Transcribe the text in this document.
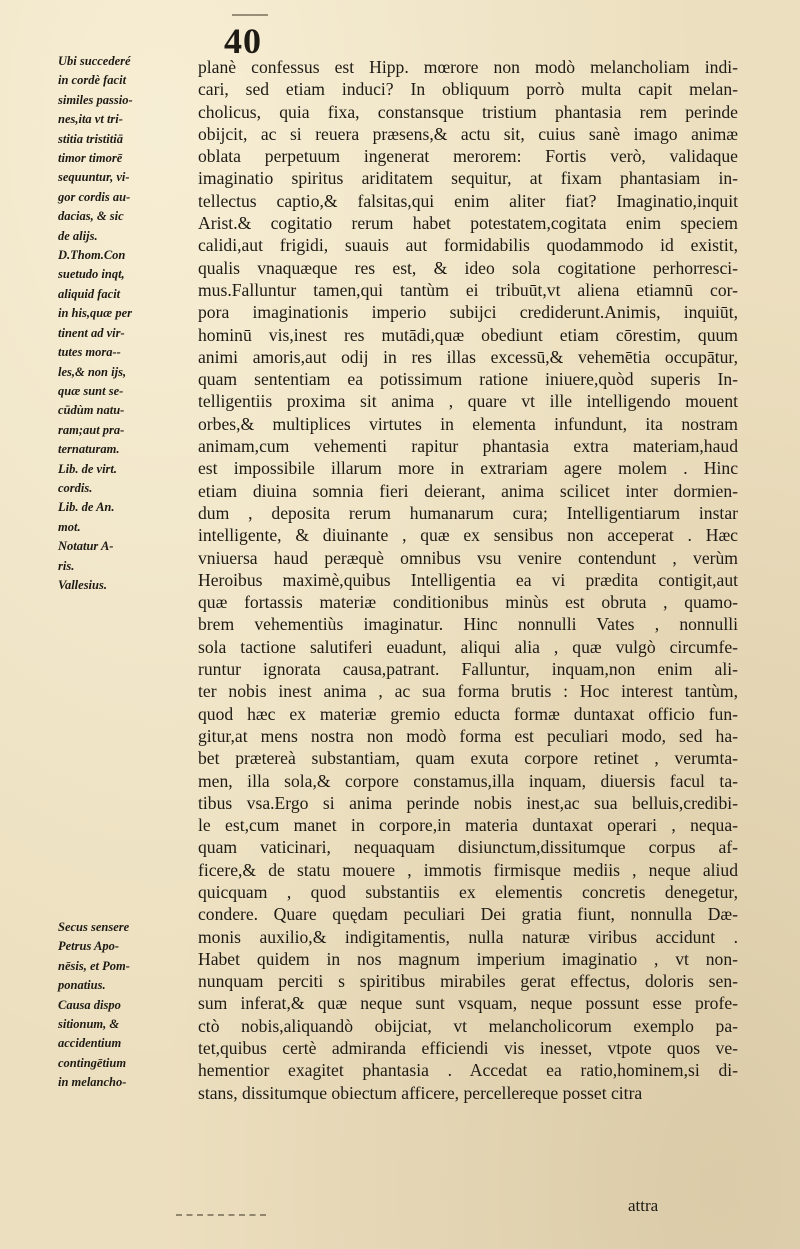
40
Ubi succederé
in cordè facit
similes passio-
nes,ita vt tri-
stitia tristitiā
timor timorē
sequuntur, vi-
gor cordis au-
dacias, & sic
de alijs.
D.Thom.Con
suetudo inqt,
aliquid facit
in his,quæ per
tinent ad vir-
tutes mora--
les,& non ijs,
quæ sunt se-
cūdùm natu-
ram;aut pra-
ternaturam.
Lib. de virt.
cordis.
Lib. de An.
mot.
Notatur A-
ris.
Vallesius.
Secus sensere
Petrus Apo-
nēsis, et Pom-
ponatius.
Causa dispo
sitionum, &
accidentium
contingētium
in melancho-
planè confessus est Hipp. mœrore non modò melancholiam indi-
cari, sed etiam induci? In obliquum porrò multa capit melan-
cholicus, quia fixa, constansque tristium phantasia rem perinde
obijcit, ac si reuera præsens,& actu sit, cuius sanè imago animæ
oblata perpetuum ingenerat merorem: Fortis verò, validaque
imaginatio spiritus ariditatem sequitur, at fixam phantasiam in-
tellectus captio,& falsitas,qui enim aliter fiat? Imaginatio,inquit
Arist.& cogitatio rerum habet potestatem,cogitata enim speciem
calidi,aut frigidi, suauis aut formidabilis quodammodo id existit,
qualis vnaquæque res est, & ideo sola cogitatione perhorresci-
mus.Falluntur tamen,qui tantùm ei tribuūt,vt aliena etiamnū cor-
pora imaginationis imperio subijci crediderunt.Animis, inquiūt,
hominū vis,inest res mutādi,quæ obediunt etiam cōrestim, quum
animi amoris,aut odij in res illas excessū,& vehemētia occupātur,
quam sententiam ea potissimum ratione iniuere,quòd superis In-
telligentiis proxima sit anima , quare vt ille intelligendo mouent
orbes,& multiplices virtutes in elementa infundunt, ita nostram
animam,cum vehementi rapitur phantasia extra materiam,haud
est impossibile illarum more in extrariam agere molem . Hinc
etiam diuina somnia fieri deierant, anima scilicet inter dormien-
dum , deposita rerum humanarum cura; Intelligentiarum instar
intelligente, & diuinante , quæ ex sensibus non acceperat . Hæc
vniuersa haud peræquè omnibus vsu venire contendunt , verùm
Heroibus maximè,quibus Intelligentia ea vi prædita contigit,aut
quæ fortassis materiæ conditionibus minùs est obruta , quamo-
brem vehementiùs imaginatur. Hinc nonnulli Vates , nonnulli
sola tactione salutiferi euadunt, aliqui alia , quæ vulgò circumfe-
runtur ignorata causa,patrant. Falluntur, inquam,non enim ali-
ter nobis inest anima , ac sua forma brutis : Hoc interest tantùm,
quod hæc ex materiæ gremio educta formæ duntaxat officio fun-
gitur,at mens nostra non modò forma est peculiari modo, sed ha-
bet prætereà substantiam, quam exuta corpore retinet , verumta-
men, illa sola,& corpore constamus,illa inquam, diuersis facul ta-
tibus vsa.Ergo si anima perinde nobis inest,ac sua belluis,credibi-
le est,cum manet in corpore,in materia duntaxat operari , nequa-
quam vaticinari, nequaquam disiunctum,dissitumque corpus af-
ficere,& de statu mouere , immotis firmisque mediis , neque aliud
quicquam , quod substantiis ex elementis concretis denegetur,
condere. Quare quędam peculiari Dei gratia fiunt, nonnulla Dæ-
monis auxilio,& indigitamentis, nulla naturæ viribus accidunt .
Habet quidem in nos magnum imperium imaginatio , vt non-
nunquam perciti s spiritibus mirabiles gerat effectus, doloris sen-
sum inferat,& quæ neque sunt vsquam, neque possunt esse profe-
ctò nobis,aliquandò obijciat, vt melancholicorum exemplo pa-
tet,quibus certè admiranda efficiendi vis inesset, vtpote quos ve-
hementior exagitet phantasia . Accedat ea ratio,hominem,si di-
stans, dissitumque obiectum afficere, percellereque posset citra
attra
